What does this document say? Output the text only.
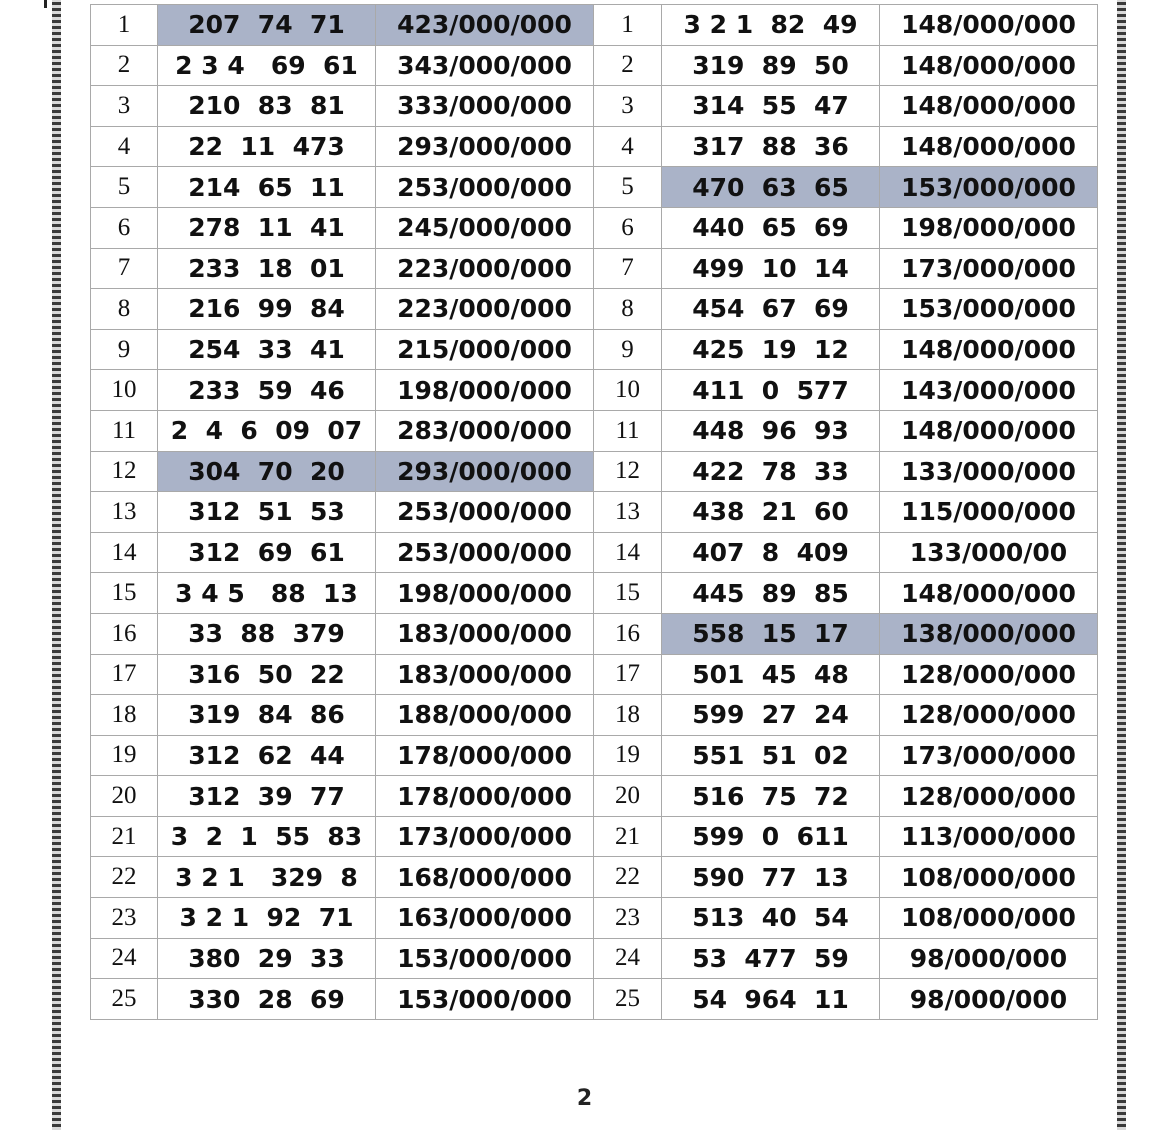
1	207  74  71	423/000/000	1	3 2 1  82  49	148/000/000
2	2 3 4   69  61	343/000/000	2	319  89  50	148/000/000
3	210  83  81	333/000/000	3	314  55  47	148/000/000
4	22  11  473	293/000/000	4	317  88  36	148/000/000
5	214  65  11	253/000/000	5	470  63  65	153/000/000
6	278  11  41	245/000/000	6	440  65  69	198/000/000
7	233  18  01	223/000/000	7	499  10  14	173/000/000
8	216  99  84	223/000/000	8	454  67  69	153/000/000
9	254  33  41	215/000/000	9	425  19  12	148/000/000
10	233  59  46	198/000/000	10	411  0  577	143/000/000
11	2  4  6  09  07	283/000/000	11	448  96  93	148/000/000
12	304  70  20	293/000/000	12	422  78  33	133/000/000
13	312  51  53	253/000/000	13	438  21  60	115/000/000
14	312  69  61	253/000/000	14	407  8  409	133/000/00
15	3 4 5   88  13	198/000/000	15	445  89  85	148/000/000
16	33  88  379	183/000/000	16	558  15  17	138/000/000
17	316  50  22	183/000/000	17	501  45  48	128/000/000
18	319  84  86	188/000/000	18	599  27  24	128/000/000
19	312  62  44	178/000/000	19	551  51  02	173/000/000
20	312  39  77	178/000/000	20	516  75  72	128/000/000
21	3  2  1  55  83	173/000/000	21	599  0  611	113/000/000
22	3 2 1   329  8	168/000/000	22	590  77  13	108/000/000
23	3 2 1  92  71	163/000/000	23	513  40  54	108/000/000
24	380  29  33	153/000/000	24	53  477  59	98/000/000
25	330  28  69	153/000/000	25	54  964  11	98/000/000
2
